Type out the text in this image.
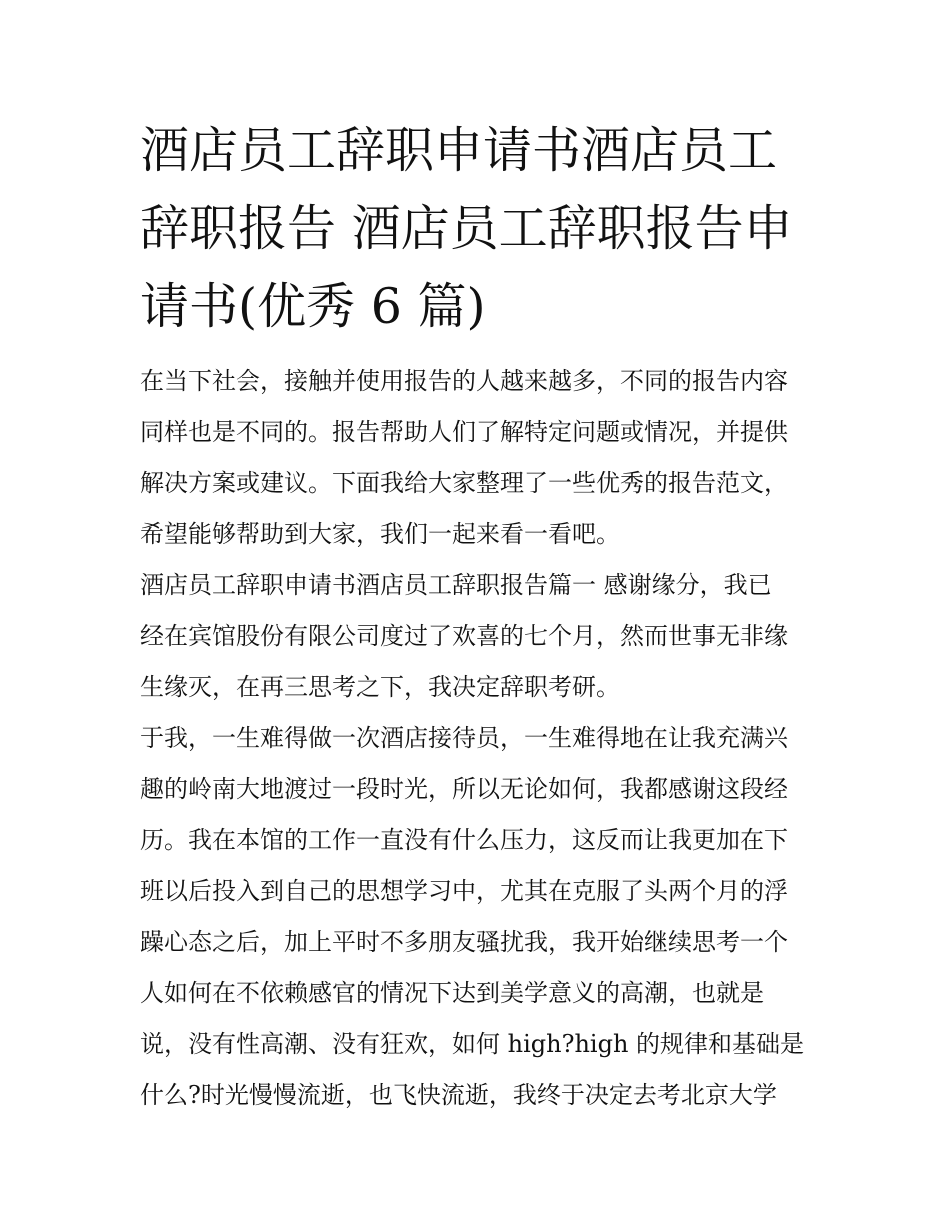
酒店员工辞职申请书酒店员工
辞职报告 酒店员工辞职报告申
请书(优秀 6 篇)

在当下社会，接触并使用报告的人越来越多，不同的报告内容
同样也是不同的。报告帮助人们了解特定问题或情况，并提供
解决方案或建议。下面我给大家整理了一些优秀的报告范文，
希望能够帮助到大家，我们一起来看一看吧。

酒店员工辞职申请书酒店员工辞职报告篇一 感谢缘分，我已
经在宾馆股份有限公司度过了欢喜的七个月，然而世事无非缘
生缘灭，在再三思考之下，我决定辞职考研。

于我，一生难得做一次酒店接待员，一生难得地在让我充满兴
趣的岭南大地渡过一段时光，所以无论如何，我都感谢这段经
历。我在本馆的工作一直没有什么压力，这反而让我更加在下
班以后投入到自己的思想学习中，尤其在克服了头两个月的浮
躁心态之后，加上平时不多朋友骚扰我，我开始继续思考一个
人如何在不依赖感官的情况下达到美学意义的高潮，也就是
说，没有性高潮、没有狂欢，如何 high?high 的规律和基础是
什么?时光慢慢流逝，也飞快流逝，我终于决定去考北京大学
